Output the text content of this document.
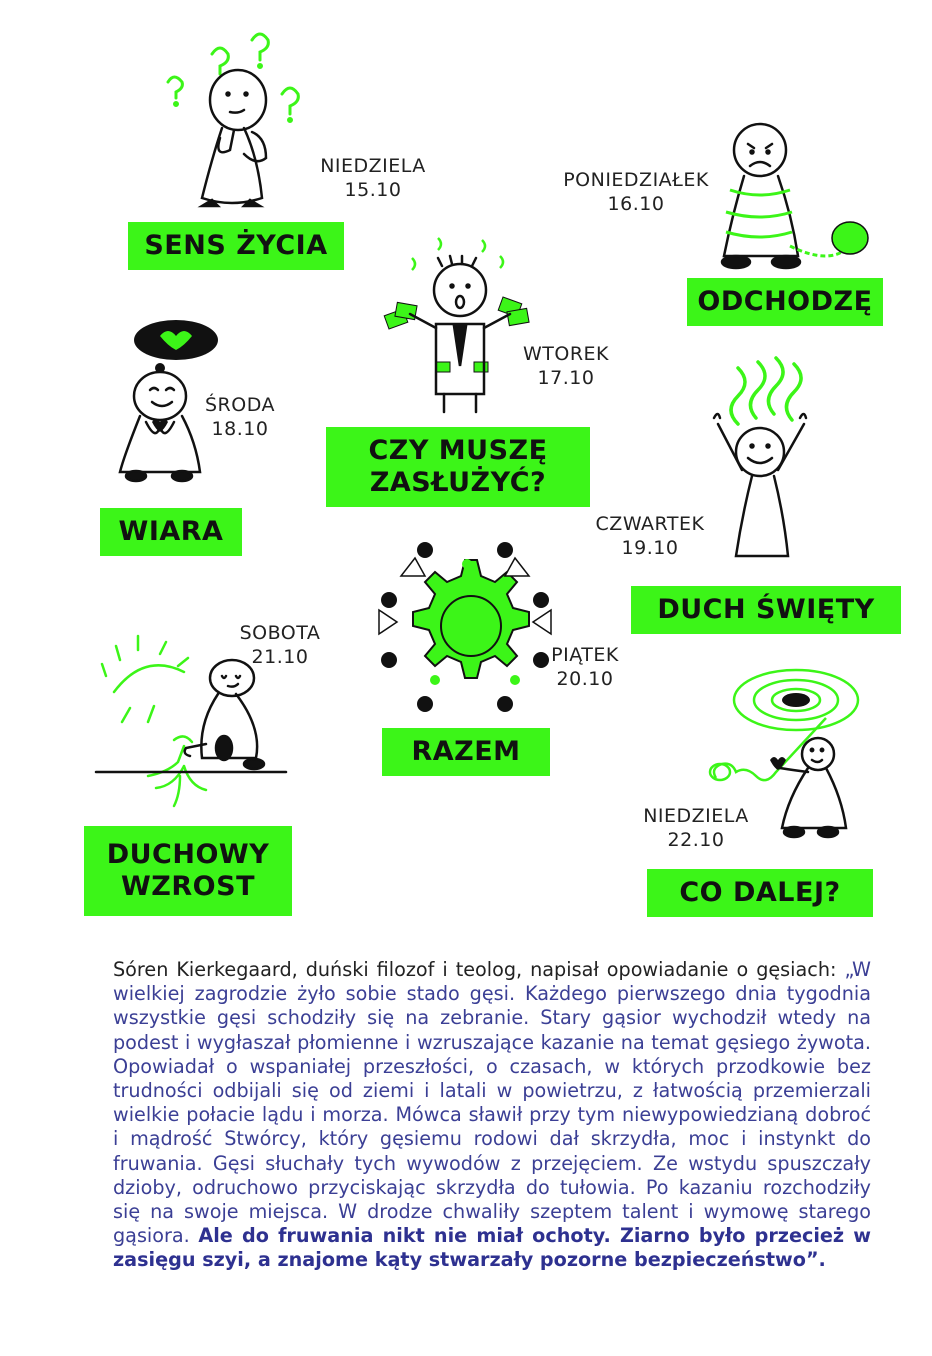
NIEDZIELA
15.10	PONIEDZIAŁEK
16.10
WTOREK
17.10
ŚRODA
18.10
CZWARTEK
19.10
PIĄTEK
20.10
SOBOTA
21.10
NIEDZIELA
22.10
SENS ŻYCIA
ODCHODZĘ
CZY MUSZĘ
ZASŁUŻYĆ?
WIARA
DUCH ŚWIĘTY
RAZEM
DUCHOWY
WZROST	CO DALEJ?
Sóren Kierkegaard, duński filozof i teolog, napisał opowiadanie o gęsiach: „W wielkiej zagrodzie żyło sobie stado gęsi. Każdego pierwszego dnia tygodnia wszystkie gęsi schodziły się na zebranie. Stary gąsior wychodził wtedy na podest i wygłaszał płomienne i wzruszające kazanie na temat gęsiego żywota. Opowiadał o wspaniałej przeszłości, o czasach, w których przodkowie bez trudności odbijali się od ziemi i latali w powietrzu, z łatwością przemierzali wielkie połacie lądu i morza. Mówca sławił przy tym niewypowiedzianą dobroć i mądrość Stwórcy, który gęsiemu rodowi dał skrzydła, moc i instynkt do fruwania. Gęsi słuchały tych wywodów z przejęciem. Ze wstydu spuszczały dzioby, odruchowo przyciskając skrzydła do tułowia. Po kazaniu rozchodziły się na swoje miejsca. W drodze chwaliły szeptem talent i wymowę starego gąsiora. Ale do fruwania nikt nie miał ochoty. Ziarno było przecież w zasięgu szyi, a znajome kąty stwarzały pozorne bezpieczeństwo”.
